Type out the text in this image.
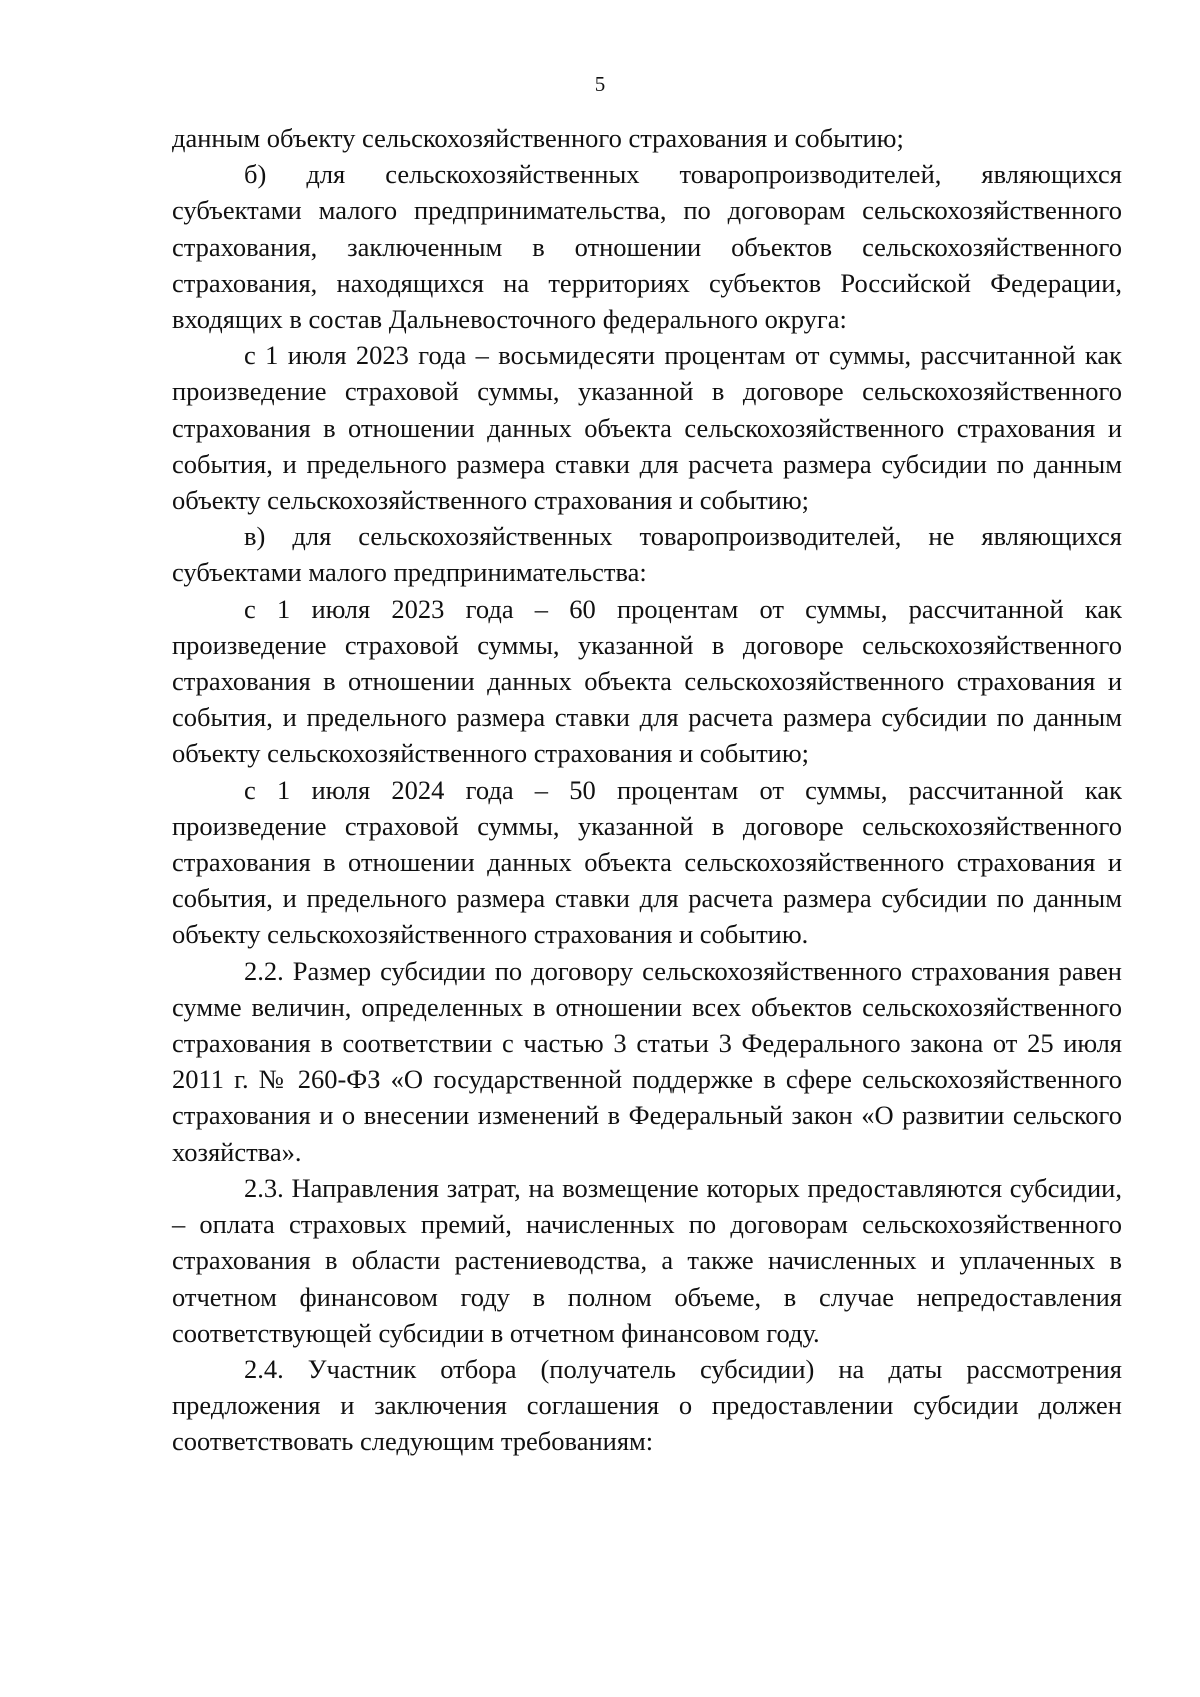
5

данным объекту сельскохозяйственного страхования и событию;

б) для сельскохозяйственных товаропроизводителей, являющихся субъектами малого предпринимательства, по договорам сельскохозяйственного страхования, заключенным в отношении объектов сельскохозяйственного страхования, находящихся на территориях субъектов Российской Федерации, входящих в состав Дальневосточного федерального округа:

с 1 июля 2023 года – восьмидесяти процентам от суммы, рассчитанной как произведение страховой суммы, указанной в договоре сельскохозяйственного страхования в отношении данных объекта сельскохозяйственного страхования и события, и предельного размера ставки для расчета размера субсидии по данным объекту сельскохозяйственного страхования и событию;

в) для сельскохозяйственных товаропроизводителей, не являющихся субъектами малого предпринимательства:

с 1 июля 2023 года – 60 процентам от суммы, рассчитанной как произведение страховой суммы, указанной в договоре сельскохозяйственного страхования в отношении данных объекта сельскохозяйственного страхования и события, и предельного размера ставки для расчета размера субсидии по данным объекту сельскохозяйственного страхования и событию;

с 1 июля 2024 года – 50 процентам от суммы, рассчитанной как произведение страховой суммы, указанной в договоре сельскохозяйственного страхования в отношении данных объекта сельскохозяйственного страхования и события, и предельного размера ставки для расчета размера субсидии по данным объекту сельскохозяйственного страхования и событию.

2.2. Размер субсидии по договору сельскохозяйственного страхования равен сумме величин, определенных в отношении всех объектов сельскохозяйственного страхования в соответствии с частью 3 статьи 3 Федерального закона от 25 июля 2011 г. № 260-ФЗ «О государственной поддержке в сфере сельскохозяйственного страхования и о внесении изменений в Федеральный закон «О развитии сельского хозяйства».

2.3. Направления затрат, на возмещение которых предоставляются субсидии, – оплата страховых премий, начисленных по договорам сельскохозяйственного страхования в области растениеводства, а также начисленных и уплаченных в отчетном финансовом году в полном объеме, в случае непредоставления соответствующей субсидии в отчетном финансовом году.

2.4. Участник отбора (получатель субсидии) на даты рассмотрения предложения и заключения соглашения о предоставлении субсидии должен соответствовать следующим требованиям:
